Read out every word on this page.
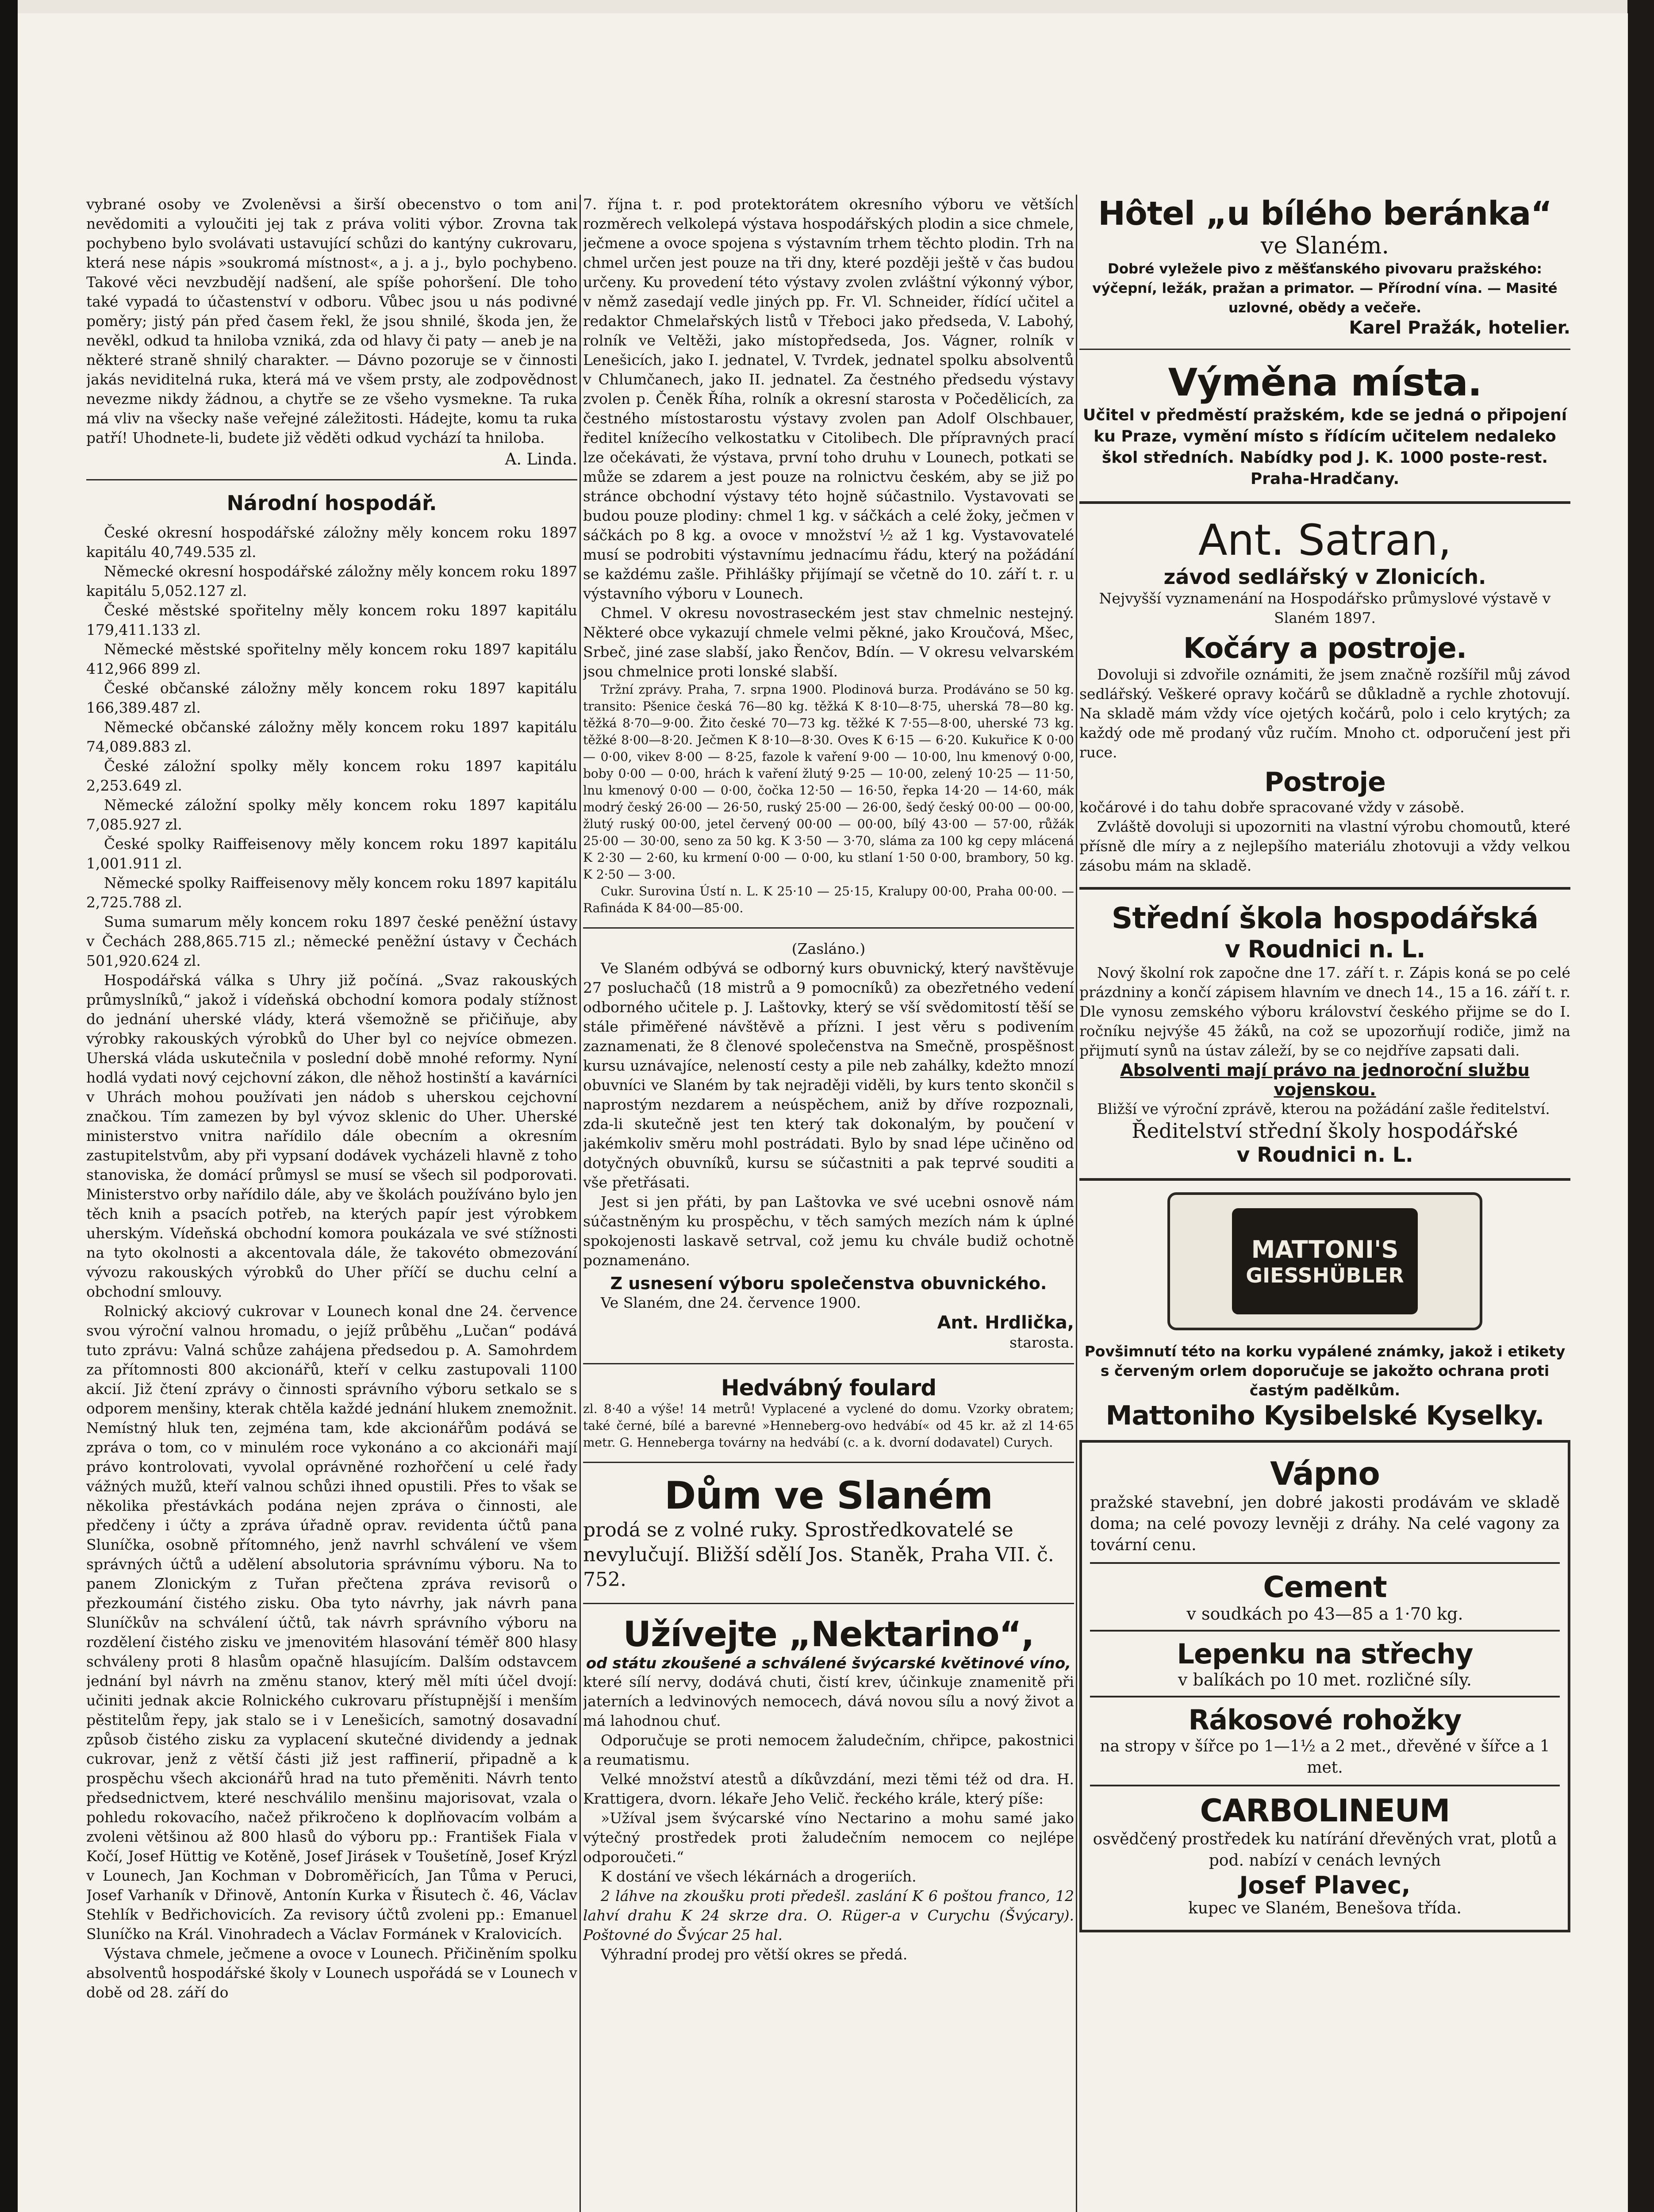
vybrané osoby ve Zvoleněvsi a širší obecenstvo o tom ani nevědomiti a vyloučiti jej tak z práva voliti výbor. Zrovna tak pochybeno bylo svolávati ustavující schůzi do kantýny cukrovaru, která nese nápis »soukromá místnost«, a j. a j., bylo pochybeno. Takové věci nevzbudějí nadšení, ale spíše pohoršení. Dle toho také vypadá to účastenství v odboru. Vůbec jsou u nás podivné poměry; jistý pán před časem řekl, že jsou shnilé, škoda jen, že nevěkl, odkud ta hniloba vzniká, zda od hlavy či paty — aneb je na některé straně shnilý charakter. — Dávno pozoruje se v činnosti jakás neviditelná ruka, která má ve všem prsty, ale zodpovědnost nevezme nikdy žádnou, a chytře se ze všeho vysmekne. Ta ruka má vliv na všecky naše veřejné záležitosti. Hádejte, komu ta ruka patří! Uhodnete-li, budete již věděti odkud vychází ta hniloba.

A. Linda.

Národní hospodář.

České okresní hospodářské záložny měly koncem roku 1897 kapitálu 40,749.535 zl.

Německé okresní hospodářské záložny měly koncem roku 1897 kapitálu 5,052.127 zl.

České městské spořitelny měly koncem roku 1897 kapitálu 179,411.133 zl.

Německé městské spořitelny měly koncem roku 1897 kapitálu 412,966 899 zl.

České občanské záložny měly koncem roku 1897 kapitálu 166,389.487 zl.

Německé občanské záložny měly koncem roku 1897 kapitálu 74,089.883 zl.

České záložní spolky měly koncem roku 1897 kapitálu 2,253.649 zl.

Německé záložní spolky měly koncem roku 1897 kapitálu 7,085.927 zl.

České spolky Raiffeisenovy měly koncem roku 1897 kapitálu 1,001.911 zl.

Německé spolky Raiffeisenovy měly koncem roku 1897 kapitálu 2,725.788 zl.

Suma sumarum měly koncem roku 1897 české peněžní ústavy v Čechách 288,865.715 zl.; německé peněžní ústavy v Čechách 501,920.624 zl.

Hospodářská válka s Uhry již počíná. „Svaz rakouských průmyslníků,“ jakož i vídeňská obchodní komora podaly stížnost do jednání uherské vlády, která všemožně se přičiňuje, aby výrobky rakouských výrobků do Uher byl co nejvíce obmezen. Uherská vláda uskutečnila v poslední době mnohé reformy. Nyní hodlá vydati nový cejchovní zákon, dle něhož hostinští a kavárníci v Uhrách mohou používati jen nádob s uherskou cejchovní značkou. Tím zamezen by byl vývoz sklenic do Uher. Uherské ministerstvo vnitra nařídilo dále obecním a okresním zastupitelstvům, aby při vypsaní dodávek vycházeli hlavně z toho stanoviska, že domácí průmysl se musí se všech sil podporovati. Ministerstvo orby nařídilo dále, aby ve školách používáno bylo jen těch knih a psacích potřeb, na kterých papír jest výrobkem uherským. Vídeňská obchodní komora poukázala ve své stížnosti na tyto okolnosti a akcentovala dále, že takovéto obmezování vývozu rakouských výrobků do Uher příčí se duchu celní a obchodní smlouvy.

Rolnický akciový cukrovar v Lounech konal dne 24. července svou výroční valnou hromadu, o jejíž průběhu „Lučan“ podává tuto zprávu: Valná schůze zahájena předsedou p. A. Samohrdem za přítomnosti 800 akcionářů, kteří v celku zastupovali 1100 akcií. Již čtení zprávy o činnosti správního výboru setkalo se s odporem menšiny, kterak chtěla každé jednání hlukem znemožnit. Nemístný hluk ten, zejména tam, kde akcionářům podává se zpráva o tom, co v minulém roce vykonáno a co akcionáři mají právo kontrolovati, vyvolal oprávněné rozhořčení u celé řady vážných mužů, kteří valnou schůzi ihned opustili. Přes to však se několika přestávkách podána nejen zpráva o činnosti, ale předčeny i účty a zpráva úřadně oprav. revidenta účtů pana Sluníčka, osobně přítomného, jenž navrhl schválení ve všem správných účtů a udělení absolutoria správnímu výboru. Na to panem Zlonickým z Tuřan přečtena zpráva revisorů o přezkoumání čistého zisku. Oba tyto návrhy, jak návrh pana Sluníčkův na schválení účtů, tak návrh správního výboru na rozdělení čistého zisku ve jmenovitém hlasování téměř 800 hlasy schváleny proti 8 hlasům opačně hlasujícím. Dalším odstavcem jednání byl návrh na změnu stanov, který měl míti účel dvojí: učiniti jednak akcie Rolnického cukrovaru přístupnější i menším pěstitelům řepy, jak stalo se i v Lenešicích, samotný dosavadní způsob čistého zisku za vyplacení skutečné dividendy a jednak cukrovar, jenž z větší části již jest raffinerií, připadně a k prospěchu všech akcionářů hrad na tuto přeměniti. Návrh tento předsednictvem, které neschválilo menšinu majorisovat, vzala o pohledu rokovacího, načež přikročeno k doplňovacím volbám a zvoleni většinou až 800 hlasů do výboru pp.: František Fiala v Kočí, Josef Hüttig ve Kotěně, Josef Jirásek v Toušetíně, Josef Krýzl v Lounech, Jan Kochman v Dobroměřicích, Jan Tůma v Peruci, Josef Varhaník v Dřinově, Antonín Kurka v Řisutech č. 46, Václav Stehlík v Bedřichovicích. Za revisory účtů zvoleni pp.: Emanuel Sluníčko na Král. Vinohradech a Václav Formánek v Kralovicích.

Výstava chmele, ječmene a ovoce v Lounech. Přičiněním spolku absolventů hospodářské školy v Lounech uspořádá se v Lounech v době od 28. září do

7. října t. r. pod protektorátem okresního výboru ve větších rozměrech velkolepá výstava hospodářských plodin a sice chmele, ječmene a ovoce spojena s výstavním trhem těchto plodin. Trh na chmel určen jest pouze na tři dny, které později ještě v čas budou určeny. Ku provedení této výstavy zvolen zvláštní výkonný výbor, v němž zasedají vedle jiných pp. Fr. Vl. Schneider, řídící učitel a redaktor Chmelařských listů v Třeboci jako předseda, V. Labohý, rolník ve Veltěži, jako místopředseda, Jos. Vágner, rolník v Lenešicích, jako I. jednatel, V. Tvrdek, jednatel spolku absolventů v Chlumčanech, jako II. jednatel. Za čestného předsedu výstavy zvolen p. Čeněk Říha, rolník a okresní starosta v Počedělicích, za čestného místostarostu výstavy zvolen pan Adolf Olschbauer, ředitel knížecího velkostatku v Citolibech. Dle přípravných prací lze očekávati, že výstava, první toho druhu v Lounech, potkati se může se zdarem a jest pouze na rolnictvu českém, aby se již po stránce obchodní výstavy této hojně súčastnilo. Vystavovati se budou pouze plodiny: chmel 1 kg. v sáčkách a celé žoky, ječmen v sáčkách po 8 kg. a ovoce v množství ½ až 1 kg. Vystavovatelé musí se podrobiti výstavnímu jednacímu řádu, který na požádání se každému zašle. Přihlášky přijímají se včetně do 10. září t. r. u výstavního výboru v Lounech.

Chmel. V okresu novostraseckém jest stav chmelnic nestejný. Některé obce vykazují chmele velmi pěkné, jako Kroučová, Mšec, Srbeč, jiné zase slabší, jako Řenčov, Bdín. — V okresu velvarském jsou chmelnice proti lonské slabší.

Tržní zprávy. Praha, 7. srpna 1900. Plodinová burza. Prodáváno se 50 kg. transito: Pšenice česká 76—80 kg. těžká K 8·10—8·75, uherská 78—80 kg. těžká 8·70—9·00. Žito české 70—73 kg. těžké K 7·55—8·00, uherské 73 kg. těžké 8·00—8·20. Ječmen K 8·10—8·30. Oves K 6·15 — 6·20. Kukuřice K 0·00 — 0·00, vikev 8·00 — 8·25, fazole k vaření 9·00 — 10·00, lnu kmenový 0·00, boby 0·00 — 0·00, hrách k vaření žlutý 9·25 — 10·00, zelený 10·25 — 11·50, lnu kmenový 0·00 — 0·00, čočka 12·50 — 16·50, řepka 14·20 — 14·60, mák modrý český 26·00 — 26·50, ruský 25·00 — 26·00, šedý český 00·00 — 00·00, žlutý ruský 00·00, jetel červený 00·00 — 00·00, bílý 43·00 — 57·00, růžák 25·00 — 30·00, seno za 50 kg. K 3·50 — 3·70, sláma za 100 kg cepy mlácená K 2·30 — 2·60, ku krmení 0·00 — 0·00, ku stlaní 1·50 0·00, brambory, 50 kg. K 2·50 — 3·00.

Cukr. Surovina Ústí n. L. K 25·10 — 25·15, Kralupy 00·00, Praha 00·00. — Rafináda K 84·00—85·00.

(Zasláno.)

Ve Slaném odbývá se odborný kurs obuvnický, který navštěvuje 27 posluchačů (18 mistrů a 9 pomocníků) za obezřetného vedení odborného učitele p. J. Laštovky, který se vší svědomitostí těší se stále přiměřené návštěvě a přízni. I jest věru s podivením zaznamenati, že 8 členové společenstva na Smečně, prospěšnost kursu uznávajíce, neleností cesty a pile neb zahálky, kdežto mnozí obuvníci ve Slaném by tak nejraději viděli, by kurs tento skončil s naprostým nezdarem a neúspěchem, aniž by dříve rozpoznali, zda-li skutečně jest ten který tak dokonalým, by poučení v jakémkoliv směru mohl postrádati. Bylo by snad lépe učiněno od dotyčných obuvníků, kursu se súčastniti a pak teprvé souditi a vše přetřásati.

Jest si jen přáti, by pan Laštovka ve své ucebni osnově nám súčastněným ku prospěchu, v těch samých mezích nám k úplné spokojenosti laskavě setrval, což jemu ku chvále budiž ochotně poznamenáno.

Z usnesení výboru společenstva obuvnického.

Ve Slaném, dne 24. července 1900.

Ant. Hrdlička,

starosta.

Hedvábný foulard

zl. 8·40 a výše! 14 metrů! Vyplacené a vyclené do domu. Vzorky obratem; také černé, bílé a barevné »Henneberg-ovo hedvábí« od 45 kr. až zl 14·65 metr. G. Henneberga továrny na hedvábí (c. a k. dvorní dodavatel) Curych.

Dům ve Slaném

prodá se z volné ruky. Sprostředkovatelé se nevylučují. Bližší sdělí Jos. Staněk, Praha VII. č. 752.

Užívejte „Nektarino“,

od státu zkoušené a schválené švýcarské květinové víno,

které sílí nervy, dodává chuti, čistí krev, účinkuje znamenitě při jaterních a ledvinových nemocech, dává novou sílu a nový život a má lahodnou chuť.

Odporučuje se proti nemocem žaludečním, chřipce, pakostnici a reumatismu.

Velké množství atestů a díkůvzdání, mezi těmi též od dra. H. Krattigera, dvorn. lékaře Jeho Velič. řeckého krále, který píše:

»Užíval jsem švýcarské víno Nectarino a mohu samé jako výtečný prostředek proti žaludečním nemocem co nejlépe odporoučeti.“

K dostání ve všech lékárnách a drogeriích.

2 láhve na zkoušku proti předešl. zaslání K 6 poštou franco, 12 lahví drahu K 24 skrze dra. O. Rüger-a v Curychu (Švýcary). Poštovné do Švýcar 25 hal.

Výhradní prodej pro větší okres se předá.

Hôtel „u bílého beránka“

ve Slaném.

Dobré vyležele pivo z měšťanského pivovaru pražského: výčepní, ležák, pražan a primator. — Přírodní vína. — Masité uzlovné, obědy a večeře.

Karel Pražák, hotelier.

Výměna místa.

Učitel v předměstí pražském, kde se jedná o připojení ku Praze, vymění místo s řídícím učitelem nedaleko škol středních. Nabídky pod J. K. 1000 poste-rest. Praha-Hradčany.

Ant. Satran,

závod sedlářský v Zlonicích.

Nejvyšší vyznamenání na Hospodářsko průmyslové výstavě v Slaném 1897.

Kočáry a postroje.

Dovoluji si zdvořile oznámiti, že jsem značně rozšířil můj závod sedlářský. Veškeré opravy kočárů se důkladně a rychle zhotovují. Na skladě mám vždy více ojetých kočárů, polo i celo krytých; za každý ode mě prodaný vůz ručím. Mnoho ct. odporučení jest při ruce.

Postroje

kočárové i do tahu dobře spracované vždy v zásobě.

Zvláště dovoluji si upozorniti na vlastní výrobu chomoutů, které přísně dle míry a z nejlepšího materiálu zhotovuji a vždy velkou zásobu mám na skladě.

Střední škola hospodářská
v Roudnici n. L.

Nový školní rok započne dne 17. září t. r. Zápis koná se po celé prázdniny a končí zápisem hlavním ve dnech 14., 15 a 16. září t. r. Dle vynosu zemského výboru království českého přijme se do I. ročníku nejvýše 45 žáků, na což se upozorňují rodiče, jimž na přijmutí synů na ústav záleží, by se co nejdříve zapsati dali.

Absolventi mají právo na jednoroční službu vojenskou.

Bližší ve výroční zprávě, kterou na požádání zašle ředitelství.

Ředitelství střední školy hospodářské

v Roudnici n. L.

MATTONI'S
GIESSHÜBLER

Povšimnutí této na korku vypálené známky, jakož i etikety s červeným orlem doporučuje se jakožto ochrana proti častým padělkům.

Mattoniho Kysibelské Kyselky.
Vápno

pražské stavební, jen dobré jakosti prodávám ve skladě doma; na celé povozy levněji z dráhy. Na celé vagony za tovární cenu.

Cement

v soudkách po 43—85 a 1·70 kg.

Lepenku na střechy

v balíkách po 10 met. rozličné síly.

Rákosové rohožky

na stropy v šířce po 1—1½ a 2 met., dřevěné v šířce a 1 met.

CARBOLINEUM

osvědčený prostředek ku natírání dřevěných vrat, plotů a pod. nabízí v cenách levných

Josef Plavec,

kupec ve Slaném, Benešova třída.
